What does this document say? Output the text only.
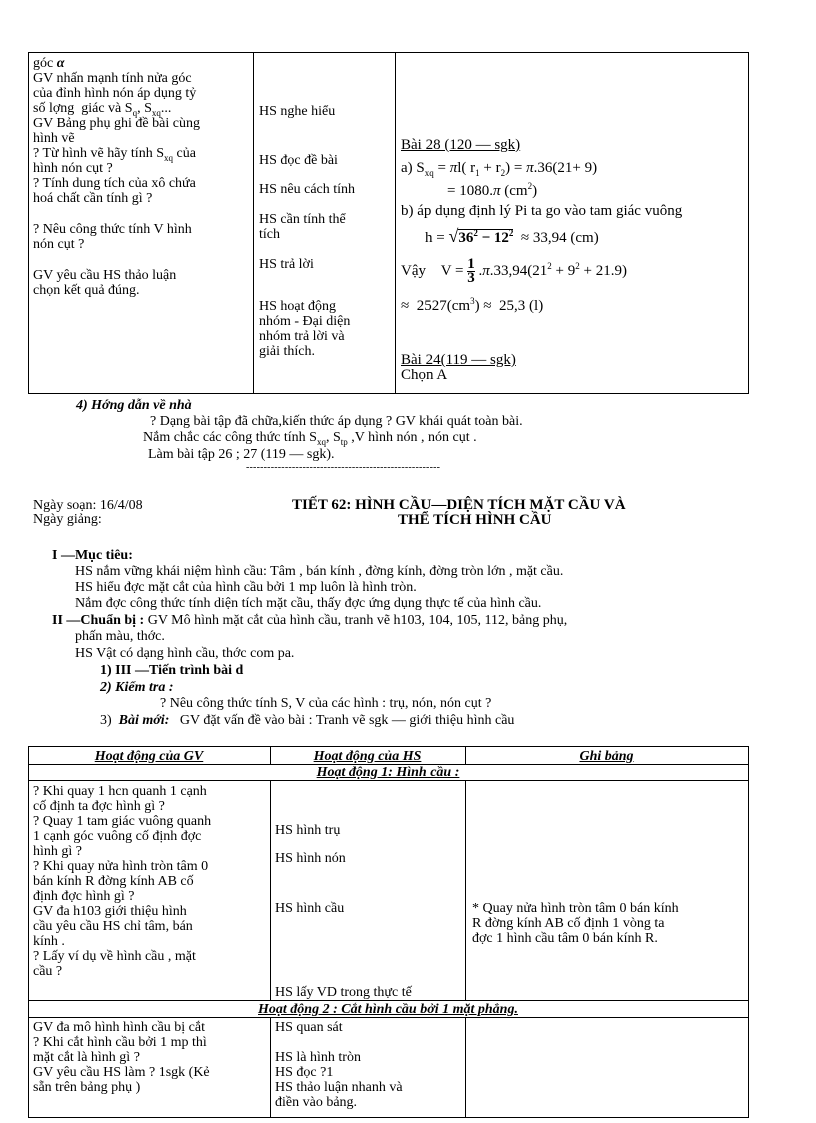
góc α
GV nhấn mạnh tính nửa góc
của đỉnh hình nón áp dụng tỷ
số lợng  giác và $S_q$, $S_{xq}$...
GV Bảng phụ ghi đề bài cùng
hình vẽ
? Từ hình vẽ hãy tính $S_{xq}$ của
hình nón cụt ?
? Tính dung tích của xô chứa
hoá chất cần tính gì ?
? Nêu công thức tính V hình
nón cụt ?
GV yêu cầu HS thảo luận
chọn kết quả đúng.
HS nghe hiểu
HS đọc đề bài
HS nêu cách tính
HS cần tính thể
tích
HS trả lời
HS hoạt động
nhóm - Đại diện
nhóm trả lời và
giải thích.
Bài 28 (120 — sgk)
a) $S_{xq} = \pi l$( $r_1 + r_2) = \pi.36(21+ 9)$
= 1080.π $(cm^2)$
b) áp dụng định lý Pi ta go vào tam giác vuông
$h = √36^2 - 12^2 \approx 33,94$ (cm)
Vậy    $V = \frac{1}{3} .\pi.33,94(21^2 + 9^2 + 21.9)$
≈  $2527(cm^3) \approx 25,3$ (l)
Bài 24(119 — sgk)
Chọn A
4) Hớng dẫn về nhà
? Dạng bài tập đã chữa,kiến thức áp dụng ? GV khái quát toàn bài.
Nắm chắc các công thức tính $S_{xq}$, $S_{tp}$ ,V hình nón , nón cụt .
Làm bài tập 26 ; 27 (119 — sgk).
-------------------------------------------------------
Ngày soạn: 16/4/08
Ngày giảng:
TIẾT 62: HÌNH CẦU—DIỆN TÍCH MẶT CẦU VÀ
THỂ TÍCH HÌNH CẦU
I —Mục tiêu:
HS nắm vững khái niệm hình cầu: Tâm , bán kính , đờng kính, đờng tròn lớn , mặt cầu.
HS hiểu đợc mặt cắt của hình cầu bởi 1 mp luôn là hình tròn.
Nắm đợc công thức tính diện tích mặt cầu, thấy đợc ứng dụng thực tế của hình cầu.
II —Chuẩn bị : GV Mô hình mặt cắt của hình cầu, tranh vẽ h103, 104, 105, 112, bảng phụ,
phấn màu, thớc.
HS Vật có dạng hình cầu, thớc com pa.
1) III —Tiến trình bài d
2) Kiểm tra :
? Nêu công thức tính S, V của các hình : trụ, nón, nón cụt ?
3) Bài mới: GV đặt vấn đề vào bài : Tranh vẽ sgk — giới thiệu hình cầu
Hoạt động của GV	Hoạt động của HS	Ghi bảng
Hoạt động 1: Hình cầu :
? Khi quay 1 hcn quanh 1 cạnh
cố định ta đợc hình gì ?
? Quay 1 tam giác vuông quanh
1 cạnh góc vuông cố định đợc
hình gì ?
? Khi quay nửa hình tròn tâm 0
bán kính R đờng kính AB cố
định đợc hình gì ?
GV đa h103 giới thiệu hình
cầu yêu cầu HS chỉ tâm, bán
kính .
? Lấy ví dụ về hình cầu , mặt
cầu ?
HS hình trụ
HS hình nón
HS hình cầu
HS lấy VD trong thực tế
* Quay nửa hình tròn tâm 0 bán kính
R đờng kính AB cố định 1 vòng ta
đợc 1 hình cầu tâm 0 bán kính R.
Hoạt động 2 : Cắt hình cầu bởi 1 mặt phẳng.
GV đa mô hình hình cầu bị cắt
? Khi cắt hình cầu bởi 1 mp thì
mặt cắt là hình gì ?
GV yêu cầu HS làm ? 1sgk (Kẻ
sẵn trên bảng phụ )
HS quan sát
HS là hình tròn
HS đọc ?1
HS thảo luận nhanh và
điền vào bảng.
